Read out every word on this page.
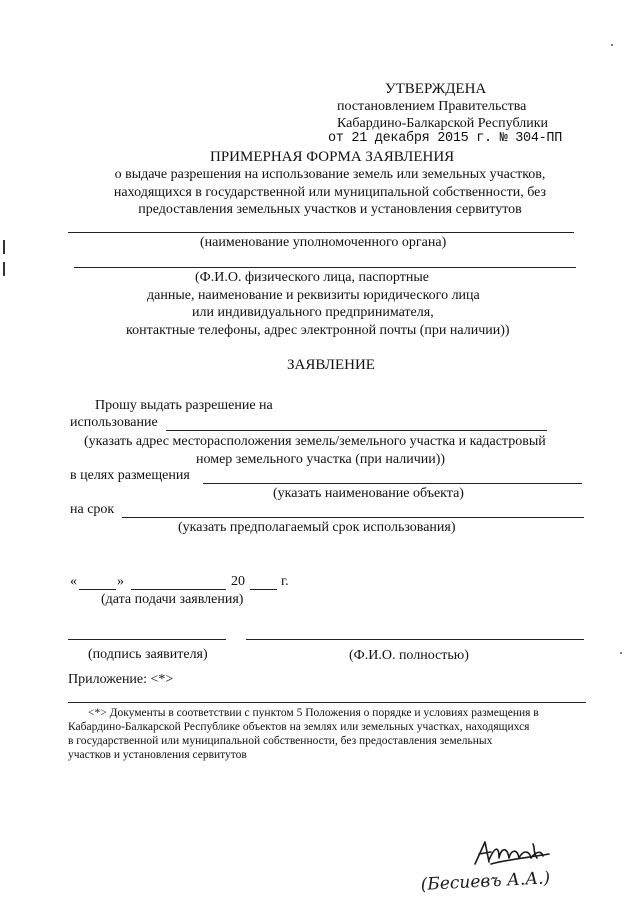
УТВЕРЖДЕНА
постановлением Правительства
Кабардино-Балкарской Республики
от 21 декабря 2015 г. № 304-ПП
ПРИМЕРНАЯ ФОРМА ЗАЯВЛЕНИЯ
о выдаче разрешения на использование земель или земельных участков,
находящихся в государственной или муниципальной собственности, без
предоставления земельных участков и установления сервитутов
(наименование уполномоченного органа)
(Ф.И.О. физического лица, паспортные
данные, наименование и реквизиты юридического лица
или индивидуального предпринимателя,
контактные телефоны, адрес электронной почты (при наличии))
ЗАЯВЛЕНИЕ
Прошу выдать разрешение на
использование
(указать адрес месторасположения земель/земельного участка и кадастровый
номер земельного участка (при наличии))
в целях размещения
(указать наименование объекта)
на срок
(указать предполагаемый срок использования)
«	»	20	г.
(дата подачи заявления)
(подпись заявителя)	(Ф.И.О. полностью)
Приложение: <*>
<*> Документы в соответствии с пунктом 5 Положения о порядке и условиях размещения в
Кабардино-Балкарской Республике объектов на землях или земельных участках, находящихся
в государственной или муниципальной собственности, без предоставления земельных
участков и установления сервитутов
(Бесиевъ А.А.)
